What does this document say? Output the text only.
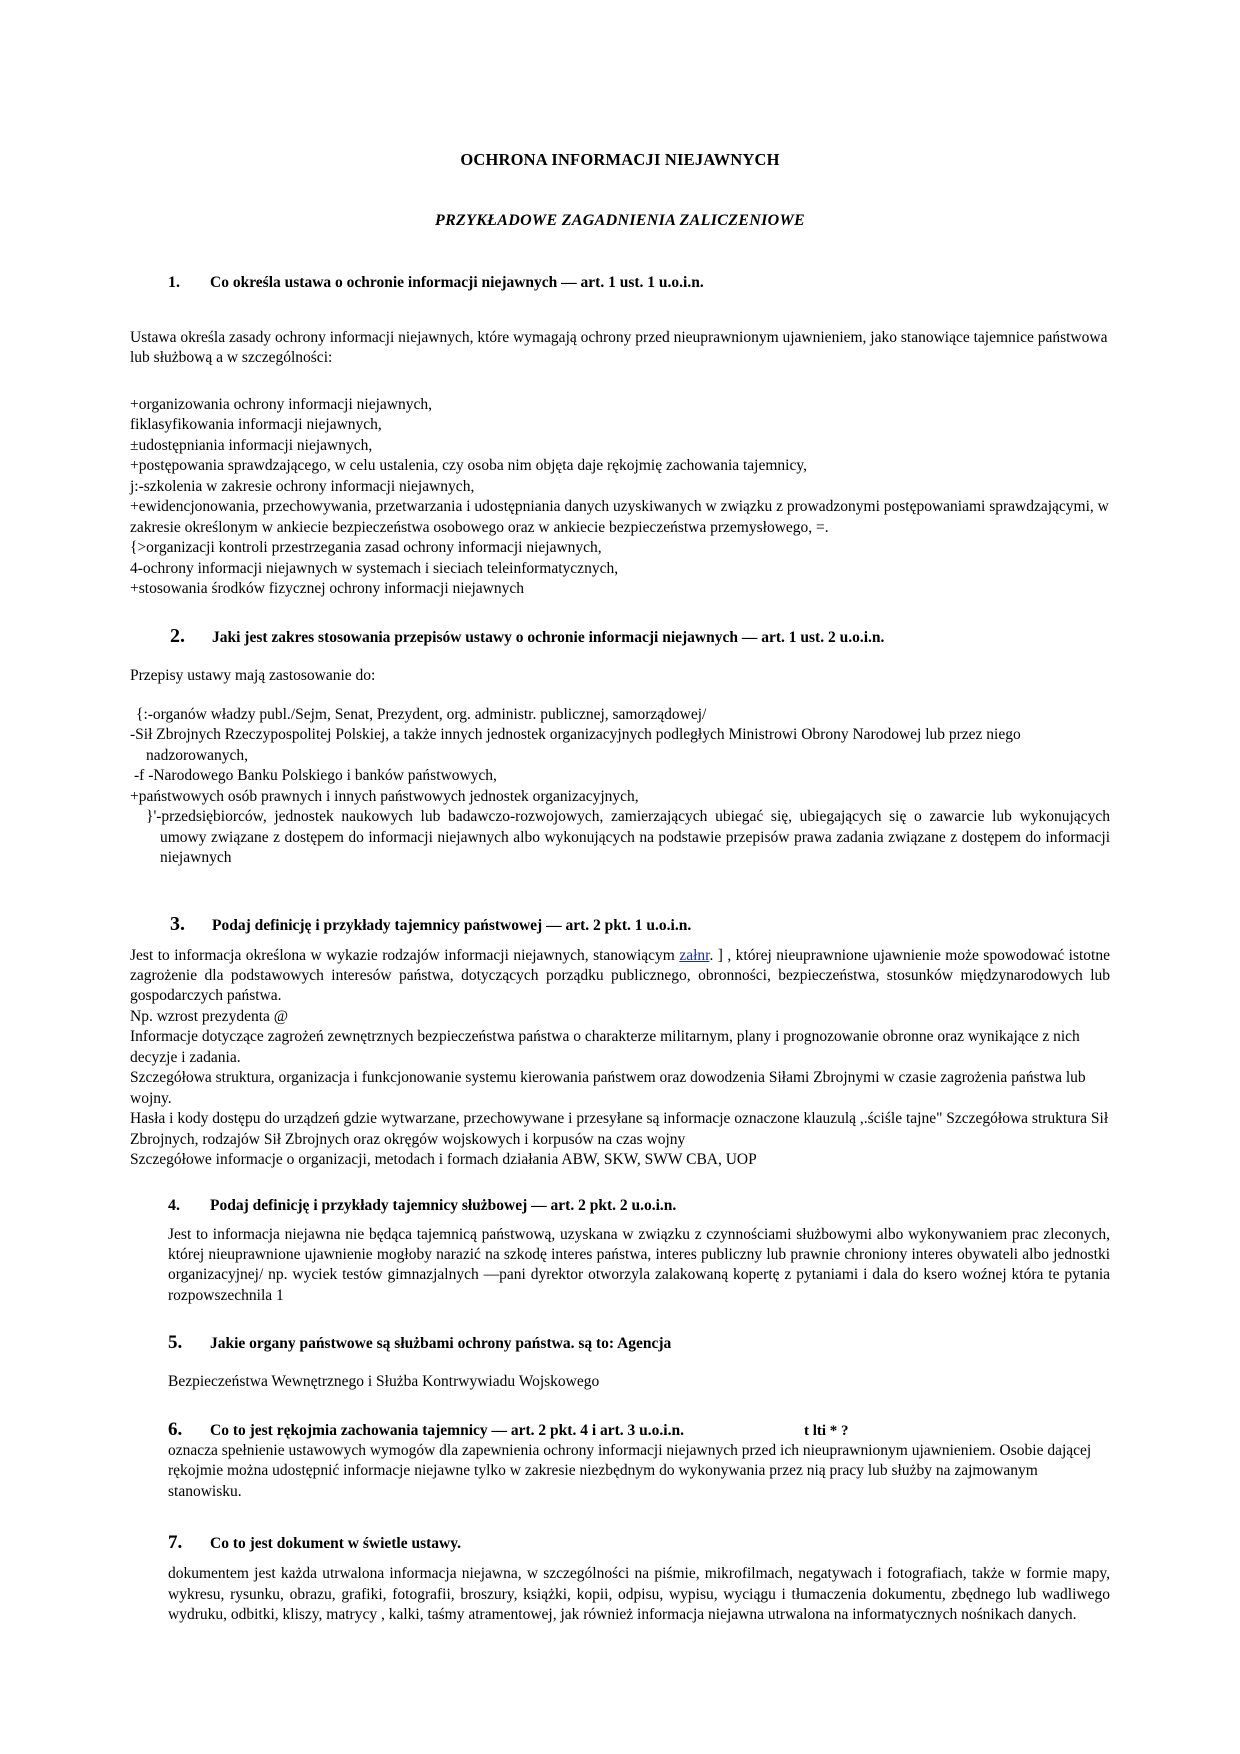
OCHRONA INFORMACJI NIEJAWNYCH
PRZYKŁADOWE ZAGADNIENIA ZALICZENIOWE
1.	Co określa ustawa o ochronie informacji niejawnych — art. 1 ust. 1 u.o.i.n.

Ustawa określa zasady ochrony informacji niejawnych, które wymagają ochrony przed nieuprawnionym ujawnieniem, jako stanowiące tajemnice państwowa lub służbową a w szczególności:

+organizowania ochrony informacji niejawnych,

fiklasyfikowania informacji niejawnych,

±udostępniania informacji niejawnych,

+postępowania sprawdzającego, w celu ustalenia, czy osoba nim objęta daje rękojmię zachowania tajemnicy,

j:-szkolenia w zakresie ochrony informacji niejawnych,

+ewidencjonowania, przechowywania, przetwarzania i udostępniania danych uzyskiwanych w związku z prowadzonymi postępowaniami sprawdzającymi, w zakresie określonym w ankiecie bezpieczeństwa osobowego oraz w ankiecie bezpieczeństwa przemysłowego, =.

{>organizacji kontroli przestrzegania zasad ochrony informacji niejawnych,

4-ochrony informacji niejawnych w systemach i sieciach teleinformatycznych,

+stosowania środków fizycznej ochrony informacji niejawnych

2.	Jaki jest zakres stosowania przepisów ustawy o ochronie informacji niejawnych — art. 1 ust. 2 u.o.i.n.

Przepisy ustawy mają zastosowanie do:

{:-organów władzy publ./Sejm, Senat, Prezydent, org. administr. publicznej, samorządowej/

-Sił Zbrojnych Rzeczypospolitej Polskiej, a także innych jednostek organizacyjnych podległych Ministrowi Obrony Narodowej lub przez niego nadzorowanych,

-f -Narodowego Banku Polskiego i banków państwowych,

+państwowych osób prawnych i innych państwowych jednostek organizacyjnych,

}'-przedsiębiorców, jednostek naukowych lub badawczo-rozwojowych, zamierzających ubiegać się, ubiegających się o zawarcie lub wykonujących umowy związane z dostępem do informacji niejawnych albo wykonujących na podstawie przepisów prawa zadania związane z dostępem do informacji niejawnych

3.	Podaj definicję i przykłady tajemnicy państwowej — art. 2 pkt. 1 u.o.i.n.

Jest to informacja określona w wykazie rodzajów informacji niejawnych, stanowiącym załnr. ] , której nieuprawnione ujawnienie może spowodować istotne zagrożenie dla podstawowych interesów państwa, dotyczących porządku publicznego, obronności, bezpieczeństwa, stosunków międzynarodowych lub gospodarczych państwa.

Np. wzrost prezydenta @

Informacje dotyczące zagrożeń zewnętrznych bezpieczeństwa państwa o charakterze militarnym, plany i prognozowanie obronne oraz wynikające z nich decyzje i zadania.

Szczegółowa struktura, organizacja i funkcjonowanie systemu kierowania państwem oraz dowodzenia Siłami Zbrojnymi w czasie zagrożenia państwa lub wojny.

Hasła i kody dostępu do urządzeń gdzie wytwarzane, przechowywane i przesyłane są informacje oznaczone klauzulą ,.ściśle tajne" Szczegółowa struktura Sił Zbrojnych, rodzajów Sił Zbrojnych oraz okręgów wojskowych i korpusów na czas wojny

Szczegółowe informacje o organizacji, metodach i formach działania ABW, SKW, SWW CBA, UOP

4.	Podaj definicję i przykłady tajemnicy służbowej — art. 2 pkt. 2 u.o.i.n.

Jest to informacja niejawna nie będąca tajemnicą państwową, uzyskana w związku z czynnościami służbowymi albo wykonywaniem prac zleconych, której nieuprawnione ujawnienie mogłoby narazić na szkodę interes państwa, interes publiczny lub prawnie chroniony interes obywateli albo jednostki organizacyjnej/ np. wyciek testów gimnazjalnych —pani dyrektor otworzyla zalakowaną kopertę z pytaniami i dala do ksero woźnej która te pytania rozpowszechnila 1

5.	Jakie organy państwowe są służbami ochrony państwa. są to: Agencja

Bezpieczeństwa Wewnętrznego i Służba Kontrwywiadu Wojskowego

6.	Co to jest rękojmia zachowania tajemnicy — art. 2 pkt. 4 i art. 3 u.o.i.n.	t lti * ?

oznacza spełnienie ustawowych wymogów dla zapewnienia ochrony informacji niejawnych przed ich nieuprawnionym ujawnieniem. Osobie dającej rękojmie można udostępnić informacje niejawne tylko w zakresie niezbędnym do wykonywania przez nią pracy lub służby na zajmowanym stanowisku.

7.	Co to jest dokument w świetle ustawy.

dokumentem jest każda utrwalona informacja niejawna, w szczególności na piśmie, mikrofilmach, negatywach i fotografiach, także w formie mapy, wykresu, rysunku, obrazu, grafiki, fotografii, broszury, książki, kopii, odpisu, wypisu, wyciągu i tłumaczenia dokumentu, zbędnego lub wadliwego wydruku, odbitki, kliszy, matrycy , kalki, taśmy atramentowej, jak również informacja niejawna utrwalona na informatycznych nośnikach danych.
